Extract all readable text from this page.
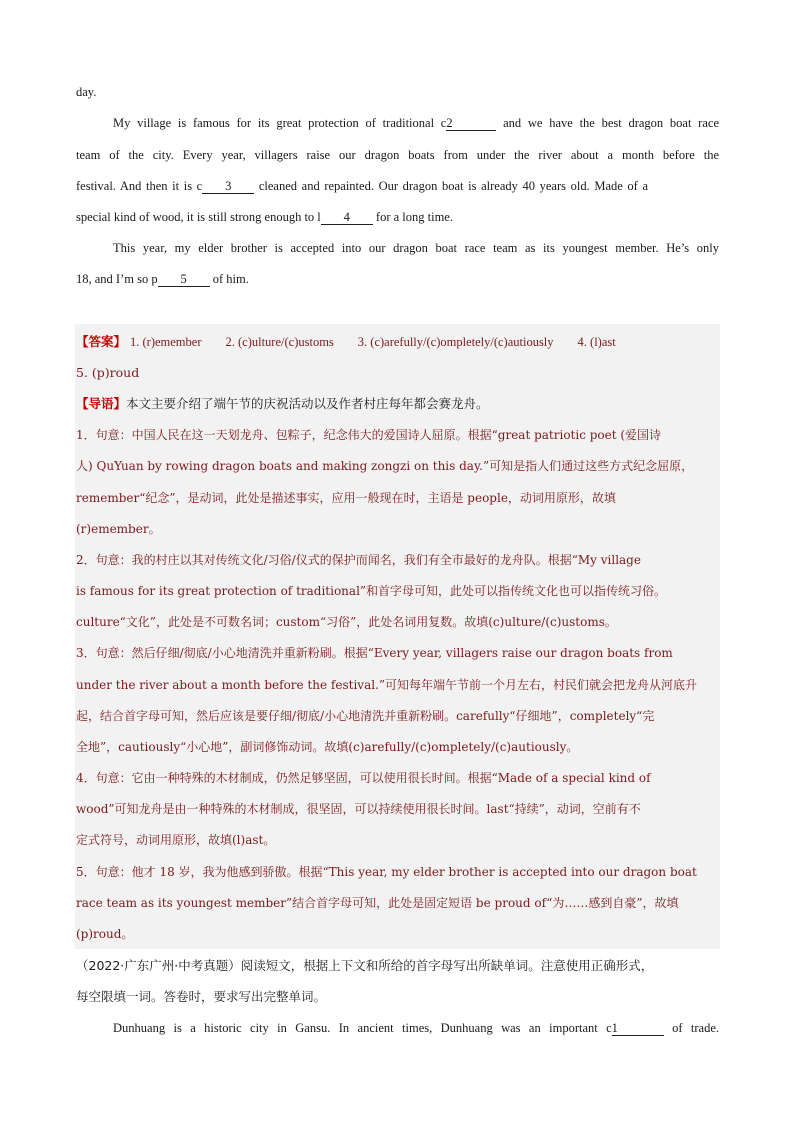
day.
My village is famous for its great protection of traditional c2	and we have the best dragon boat race
team of the city. Every year, villagers raise our dragon boats from under the river about a month before the
festival. And then it is c 3 cleaned and repainted. Our dragon boat is already 40 years old. Made of a
special kind of wood, it is still strong enough to l 4 for a long time.
This year, my elder brother is accepted into our dragon boat race team as its youngest member. He’s only
18, and I’m so p 5 of him.
【答案】 1. (r)emember 2. (c)ulture/(c)ustoms 3. (c)arefully/(c)ompletely/(c)autiously 4. (l)ast
5. (p)roud
【导语】本文主要介绍了端午节的庆祝活动以及作者村庄每年都会赛龙舟。
1．句意：中国人民在这一天划龙舟、包粽子，纪念伟大的爱国诗人屈原。根据“great patriotic poet (爱国诗
人) QuYuan by rowing dragon boats and making zongzi on this day.”可知是指人们通过这些方式纪念屈原，
remember“纪念”，是动词，此处是描述事实，应用一般现在时，主语是 people，动词用原形，故填
(r)emember。
2．句意：我的村庄以其对传统文化/习俗/仪式的保护而闻名，我们有全市最好的龙舟队。根据“My village
is famous for its great protection of traditional”和首字母可知，此处可以指传统文化也可以指传统习俗。
culture“文化”，此处是不可数名词；custom“习俗”，此处名词用复数。故填(c)ulture/(c)ustoms。
3．句意：然后仔细/彻底/小心地清洗并重新粉刷。根据“Every year, villagers raise our dragon boats from
under the river about a month before the festival.”可知每年端午节前一个月左右，村民们就会把龙舟从河底升
起，结合首字母可知，然后应该是要仔细/彻底/小心地清洗并重新粉刷。carefully“仔细地”，completely“完
全地”，cautiously“小心地”，副词修饰动词。故填(c)arefully/(c)ompletely/(c)autiously。
4．句意：它由一种特殊的木材制成，仍然足够坚固，可以使用很长时间。根据“Made of a special kind of
wood”可知龙舟是由一种特殊的木材制成，很坚固，可以持续使用很长时间。last“持续”，动词，空前有不
定式符号，动词用原形，故填(l)ast。
5．句意：他才 18 岁，我为他感到骄傲。根据“This year, my elder brother is accepted into our dragon boat
race team as its youngest member”结合首字母可知，此处是固定短语 be proud of“为……感到自豪”，故填
(p)roud。
（2022·广东广州·中考真题）阅读短文，根据上下文和所给的首字母写出所缺单词。注意使用正确形式，
每空限填一词。答卷时，要求写出完整单词。
Dunhuang is a historic city in Gansu. In ancient times, Dunhuang was an important c1	of trade.
